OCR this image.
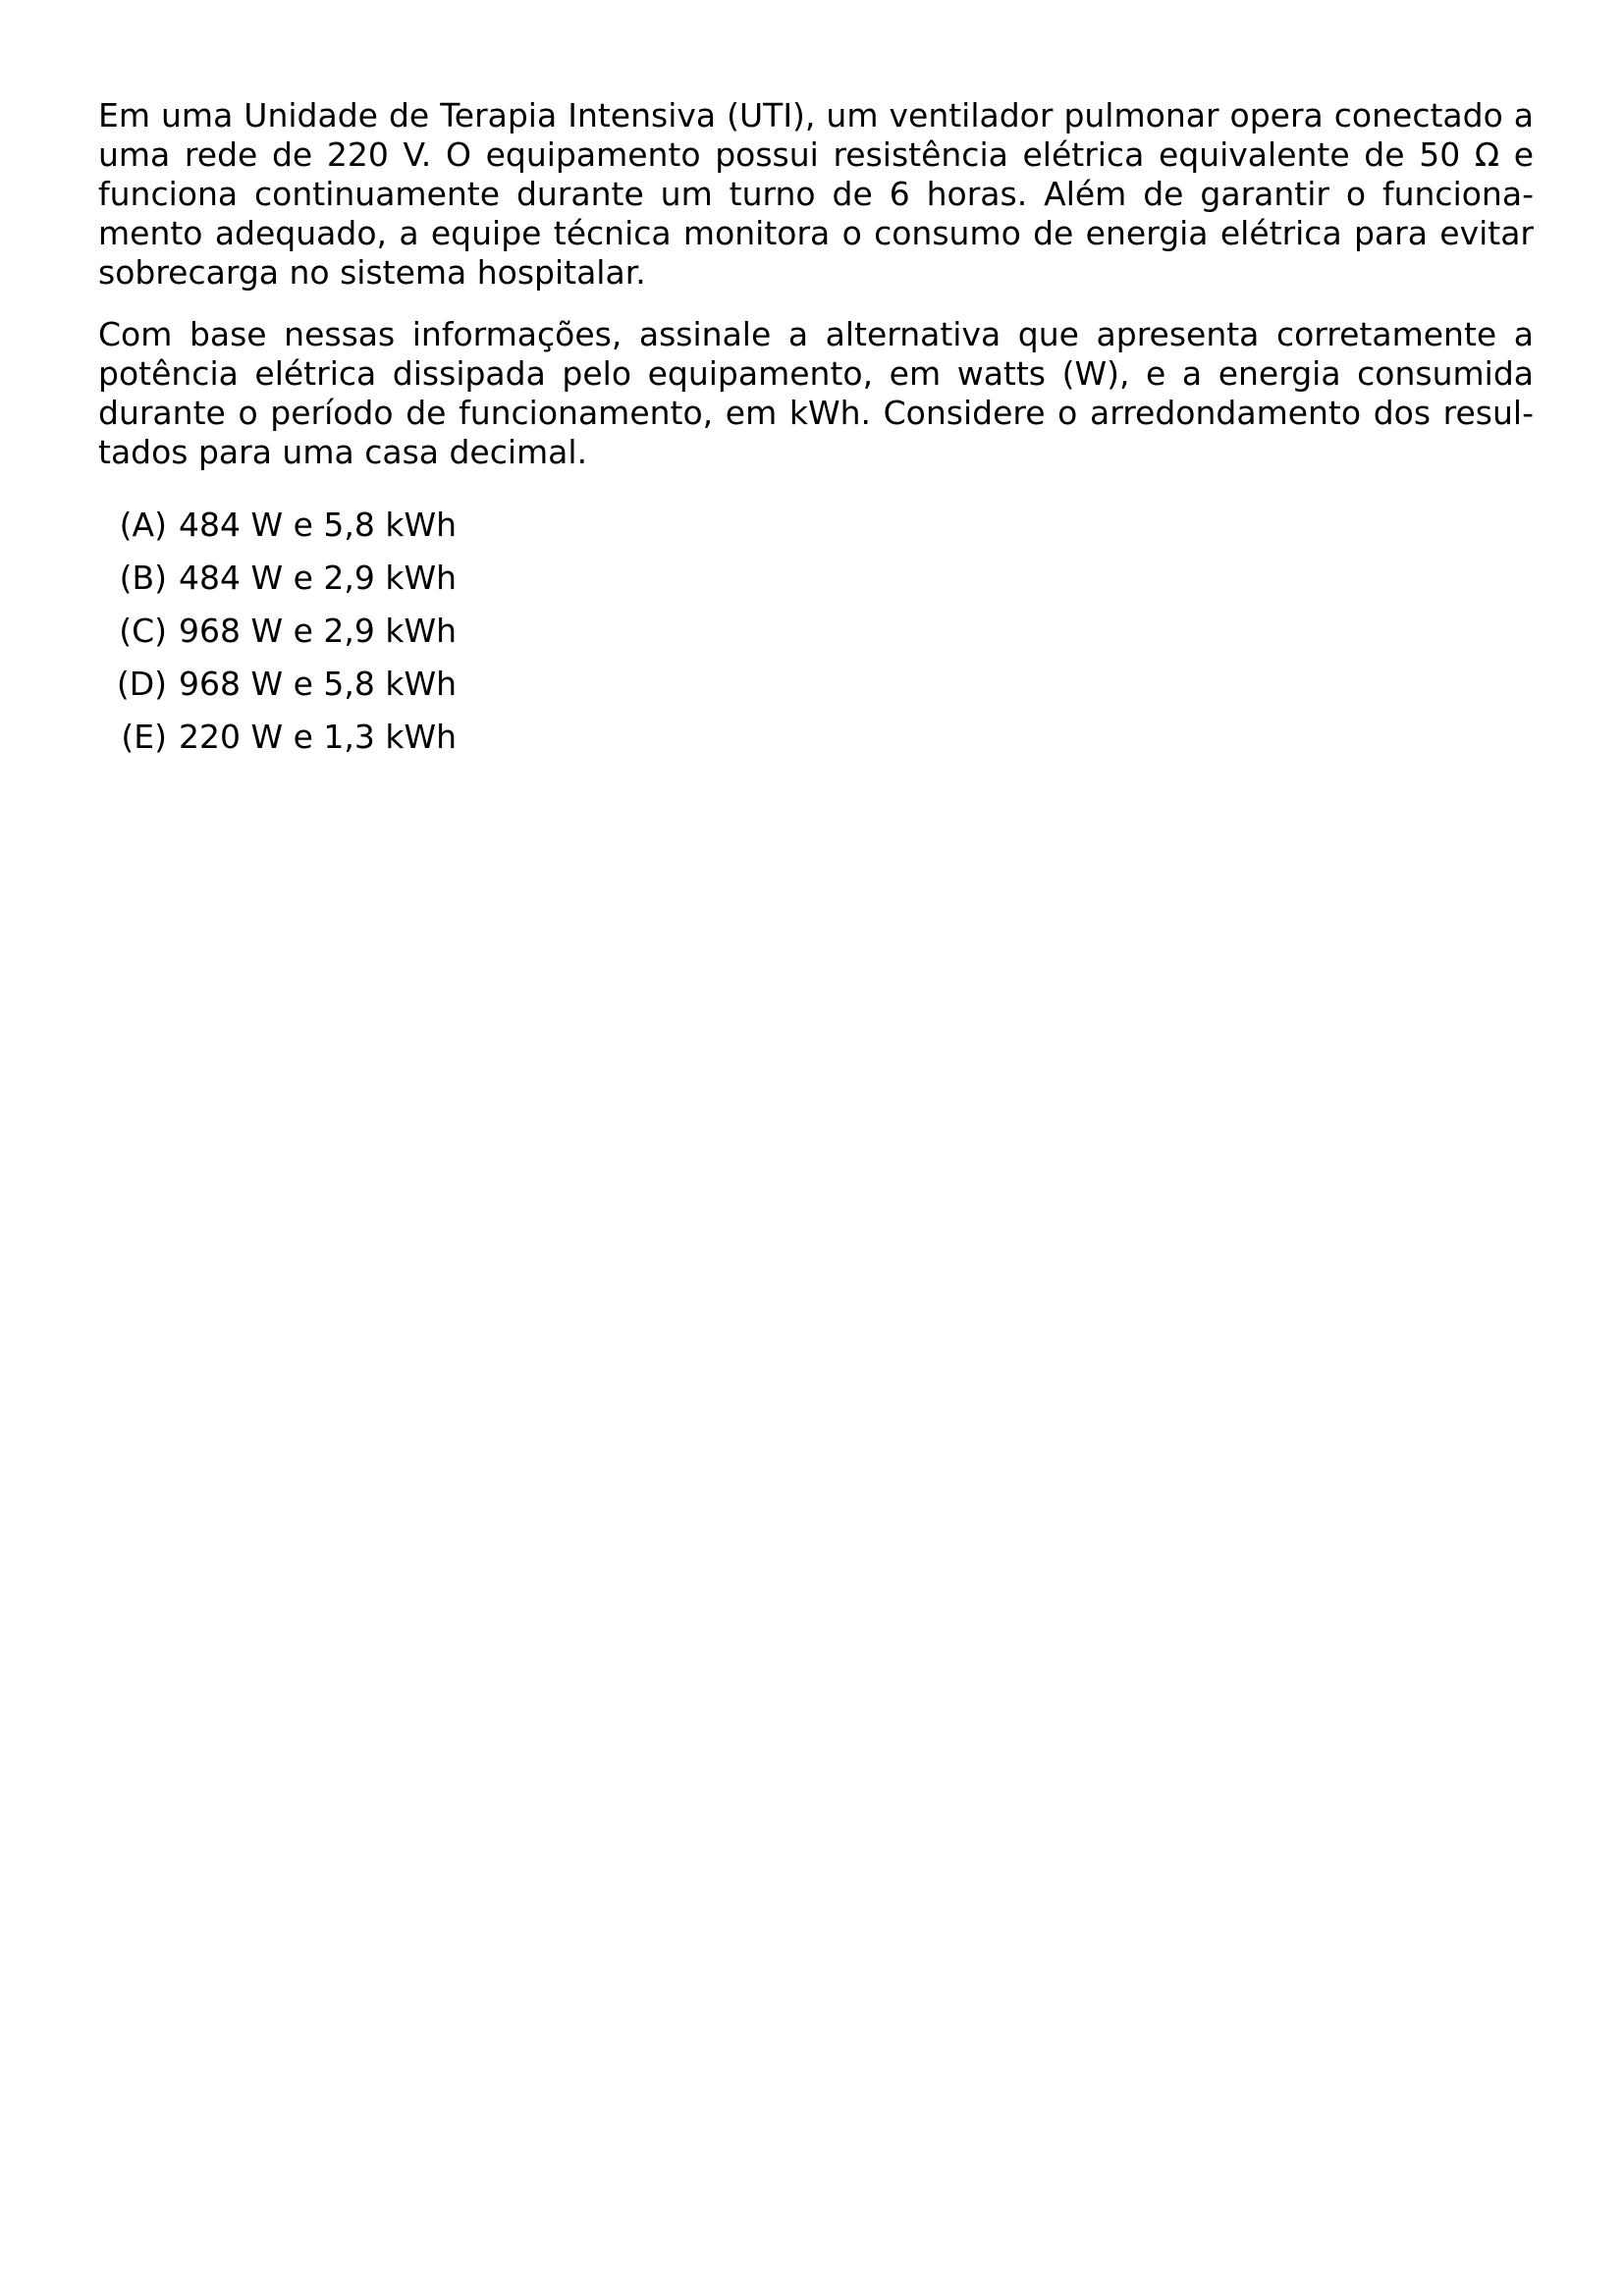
Em uma Unidade de Terapia Intensiva (UTI), um ventilador pulmonar opera conectado a uma rede de 220 V. O equipamento possui resistência elétrica equivalente de 50 Ω e funciona continuamente durante um turno de 6 horas. Além de garantir o funcionamento adequado, a equipe técnica monitora o consumo de energia elétrica para evitar sobrecarga no sistema hospitalar.

Com base nessas informações, assinale a alternativa que apresenta corretamente a potência elétrica dissipada pelo equipamento, em watts (W), e a energia consumida durante o período de funcionamento, em kWh. Considere o arredondamento dos resultados para uma casa decimal.

(A) 484 W e 5,8 kWh
(B) 484 W e 2,9 kWh
(C) 968 W e 2,9 kWh
(D) 968 W e 5,8 kWh
(E) 220 W e 1,3 kWh
